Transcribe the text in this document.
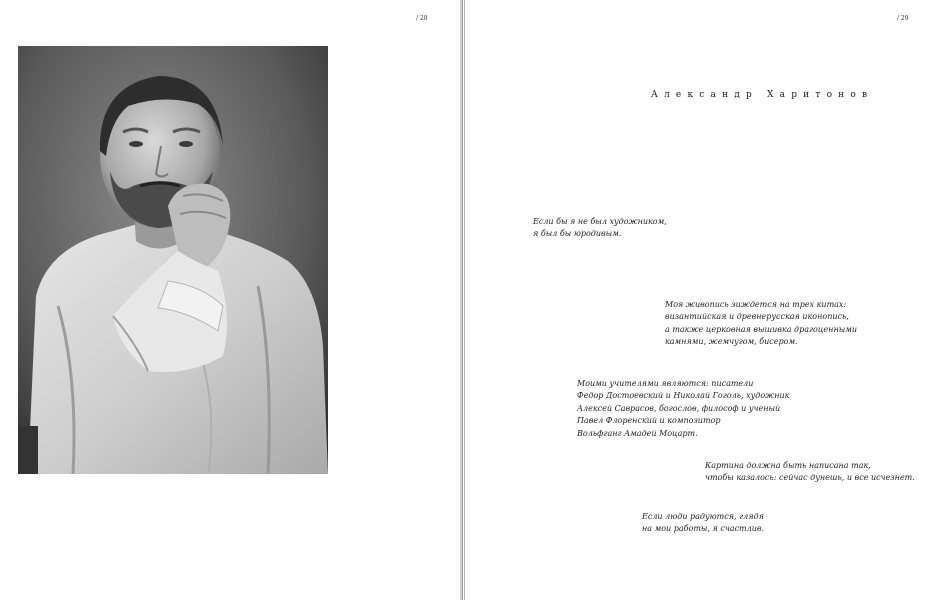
/ 28	/ 29
Александр Харитонов
Если бы я не был художником,
я был бы юродивым.
Моя живопись зиждется на трех китах:
византийская и древнерусская иконопись,
а также церковная вышивка драгоценными
камнями, жемчугом, бисером.
Моими учителями являются: писатели
Федор Достоевский и Николай Гоголь, художник
Алексей Саврасов, богослов, философ и ученый
Павел Флоренский и композитор
Вольфганг Амадей Моцарт.
Картина должна быть написана так,
чтобы казалось: сейчас дунешь, и все исчезнет.
Если люди радуются, глядя
на мои работы, я счастлив.
